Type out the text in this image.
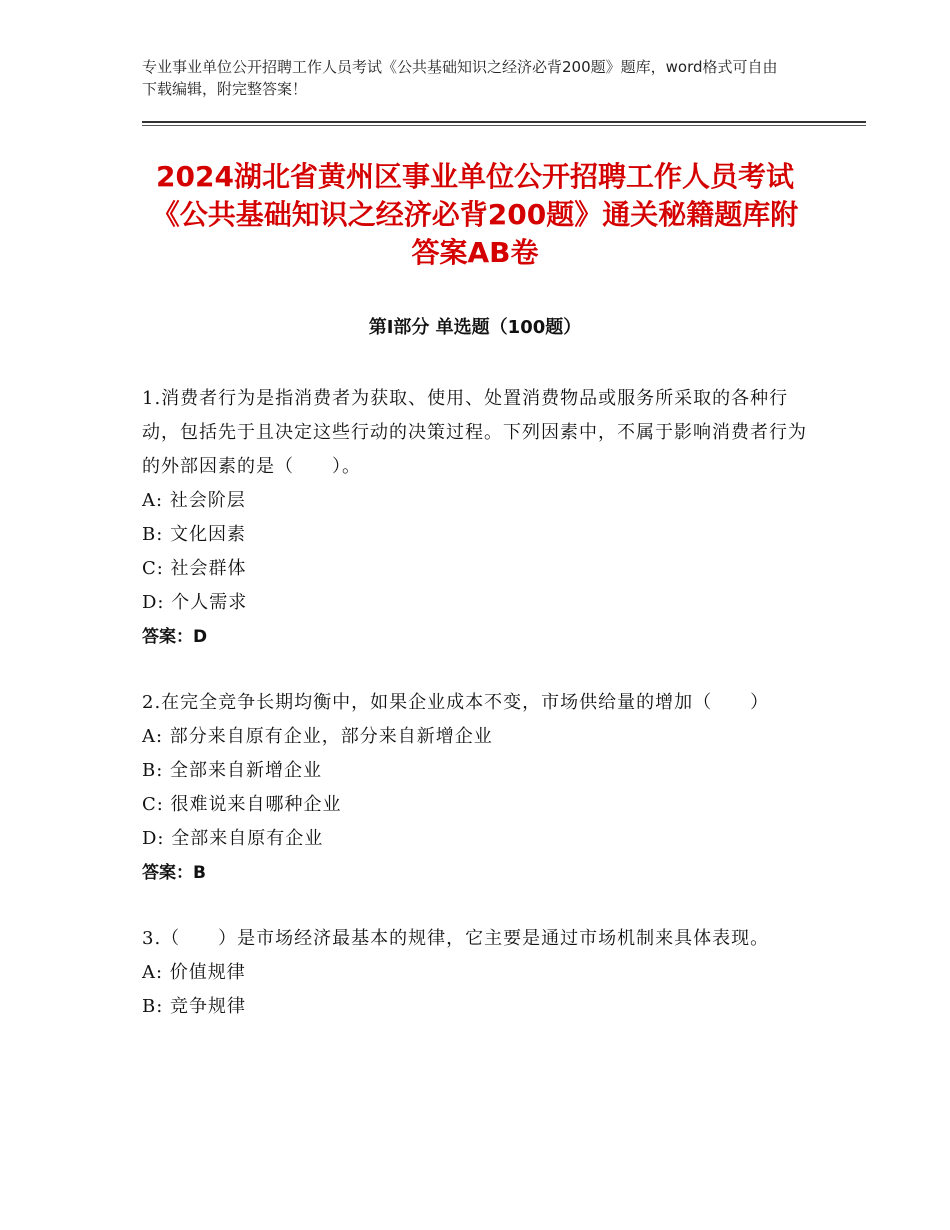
专业事业单位公开招聘工作人员考试《公共基础知识之经济必背200题》题库，word格式可自由下载编辑，附完整答案！
2024湖北省黄州区事业单位公开招聘工作人员考试《公共基础知识之经济必背200题》通关秘籍题库附答案AB卷
第Ⅰ部分 单选题（100题）
1.消费者行为是指消费者为获取、使用、处置消费物品或服务所采取的各种行动，包括先于且决定这些行动的决策过程。下列因素中，不属于影响消费者行为的外部因素的是（　　）。
A: 社会阶层
B: 文化因素
C: 社会群体
D: 个人需求
答案：D
2.在完全竞争长期均衡中，如果企业成本不变，市场供给量的增加（　　）
A: 部分来自原有企业，部分来自新增企业
B: 全部来自新增企业
C: 很难说来自哪种企业
D: 全部来自原有企业
答案：B
3.（　　）是市场经济最基本的规律，它主要是通过市场机制来具体表现。
A: 价值规律
B: 竞争规律
